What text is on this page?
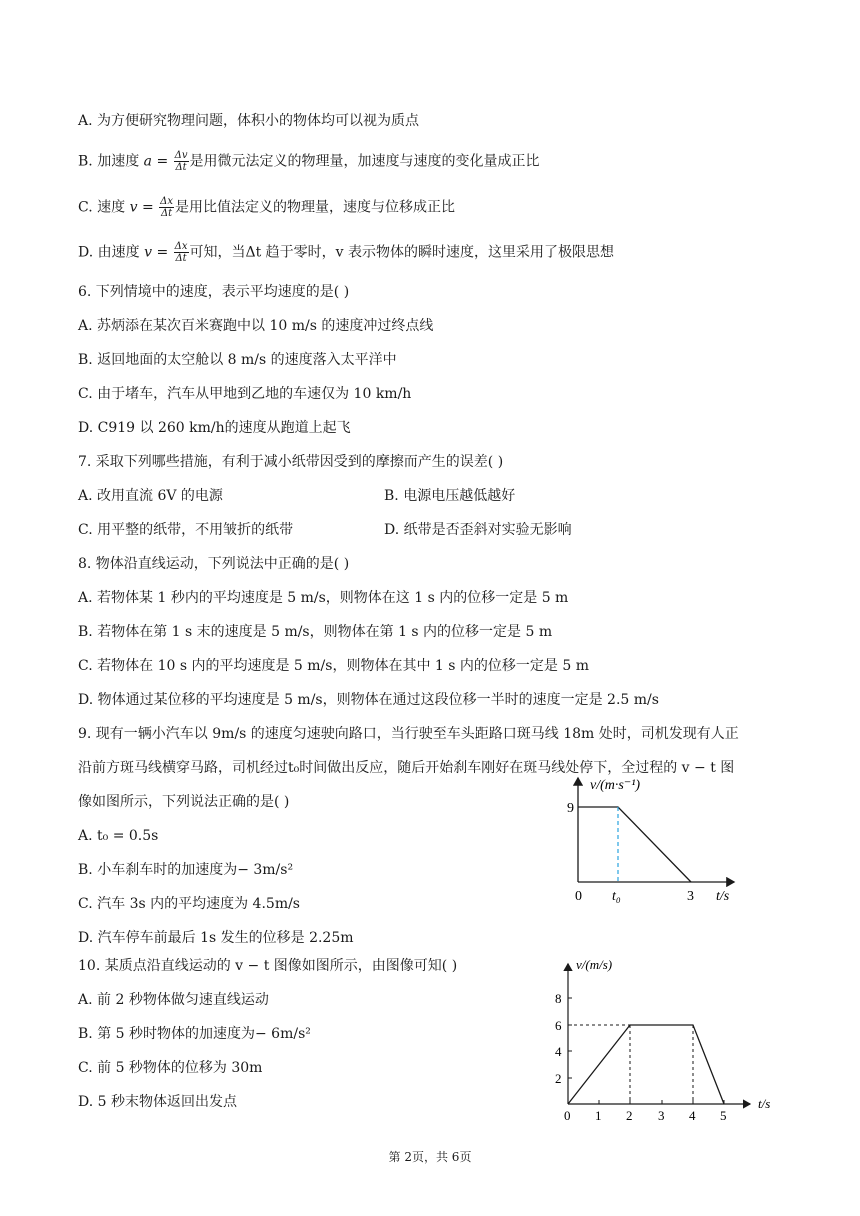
A. 为方便研究物理问题，体积小的物体均可以视为质点
B. 加速度 $a = \frac{\Delta v}{\Delta t}$ 是用微元法定义的物理量，加速度与速度的变化量成正比
C. 速度 $v = \frac{\Delta x}{\Delta t}$ 是用比值法定义的物理量，速度与位移成正比
D. 由速度 $v = \frac{\Delta x}{\Delta t}$ 可知，当Δt 趋于零时，v 表示物体的瞬时速度，这里采用了极限思想
6. 下列情境中的速度，表示平均速度的是( )
A. 苏炳添在某次百米赛跑中以 10 m/s 的速度冲过终点线
B. 返回地面的太空舱以 8 m/s 的速度落入太平洋中
C. 由于堵车，汽车从甲地到乙地的车速仅为 10 km/h
D. C919 以 260 km/h的速度从跑道上起飞
7. 采取下列哪些措施，有利于减小纸带因受到的摩擦而产生的误差( )
A. 改用直流 6V 的电源	B. 电源电压越低越好
C. 用平整的纸带，不用皱折的纸带	D. 纸带是否歪斜对实验无影响
8. 物体沿直线运动，下列说法中正确的是( )
A. 若物体某 1 秒内的平均速度是 5 m/s，则物体在这 1 s 内的位移一定是 5 m
B. 若物体在第 1 s 末的速度是 5 m/s，则物体在第 1 s 内的位移一定是 5 m
C. 若物体在 10 s 内的平均速度是 5 m/s，则物体在其中 1 s 内的位移一定是 5 m
D. 物体通过某位移的平均速度是 5 m/s，则物体在通过这段位移一半时的速度一定是 2.5 m/s
9. 现有一辆小汽车以 9m/s 的速度匀速驶向路口，当行驶至车头距路口斑马线 18m 处时，司机发现有人正
沿前方斑马线横穿马路，司机经过t₀时间做出反应，随后开始刹车刚好在斑马线处停下，全过程的 v − t 图
像如图所示，下列说法正确的是( )
A. t₀ = 0.5s
B. 小车刹车时的加速度为− 3m/s²
C. 汽车 3s 内的平均速度为 4.5m/s
D. 汽车停车前最后 1s 发生的位移是 2.25m
v/(m·s⁻¹)
9
0 t₀	3 t/s
10. 某质点沿直线运动的 v − t 图像如图所示，由图像可知( )
A. 前 2 秒物体做匀速直线运动
B. 第 5 秒时物体的加速度为− 6m/s²
C. 前 5 秒物体的位移为 30m
D. 5 秒末物体返回出发点
v/(m/s)
2
4
6
8
0 1 2 3 4 5
t/s
第 2页，共 6页
